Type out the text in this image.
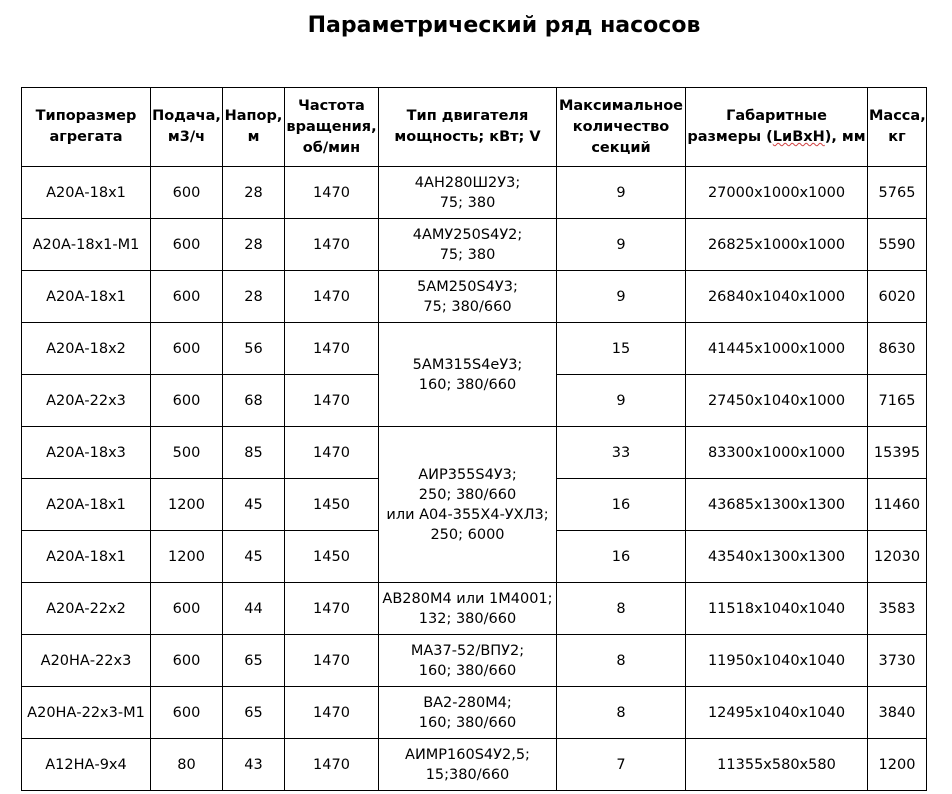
Параметрический ряд насосов
Типоразмер агрегата	Подача, м3/ч	Напор, м	Частота вращения, об/мин	Тип двигателя мощность; кВт; V	Максимальное количество секций	Габаритные размеры (LиBхH), мм	Масса, кг
А20А-18х1	600	28	1470	4АН280Ш2У3;
75; 380	9	27000х1000х1000	5765
А20А-18х1-М1	600	28	1470	4АМУ250S4У2;
75; 380	9	26825х1000х1000	5590
А20А-18х1	600	28	1470	5АМ250S4У3;
75; 380/660	9	26840х1040х1000	6020
А20А-18х2	600	56	1470	5АМ315S4еУ3;
160; 380/660	15	41445х1000х1000	8630
А20А-22х3	600	68	1470		9	27450х1040х1000	7165
А20А-18х3	500	85	1470	АИР355S4У3;
250; 380/660
или А04-355Х4-УХЛ3;
250; 6000	33	83300х1000х1000	15395
А20А-18х1	1200	45	1450		16	43685х1300х1300	11460
А20А-18х1	1200	45	1450		16	43540х1300х1300	12030
А20А-22х2	600	44	1470	АВ280М4 или 1М4001;
132; 380/660	8	11518х1040х1040	3583
А20НА-22х3	600	65	1470	МА37-52/ВПУ2;
160; 380/660	8	11950х1040х1040	3730
А20НА-22х3-М1	600	65	1470	ВА2-280М4;
160; 380/660	8	12495х1040х1040	3840
А12НА-9х4	80	43	1470	АИМР160S4У2,5;
15;380/660	7	11355х580х580	1200
